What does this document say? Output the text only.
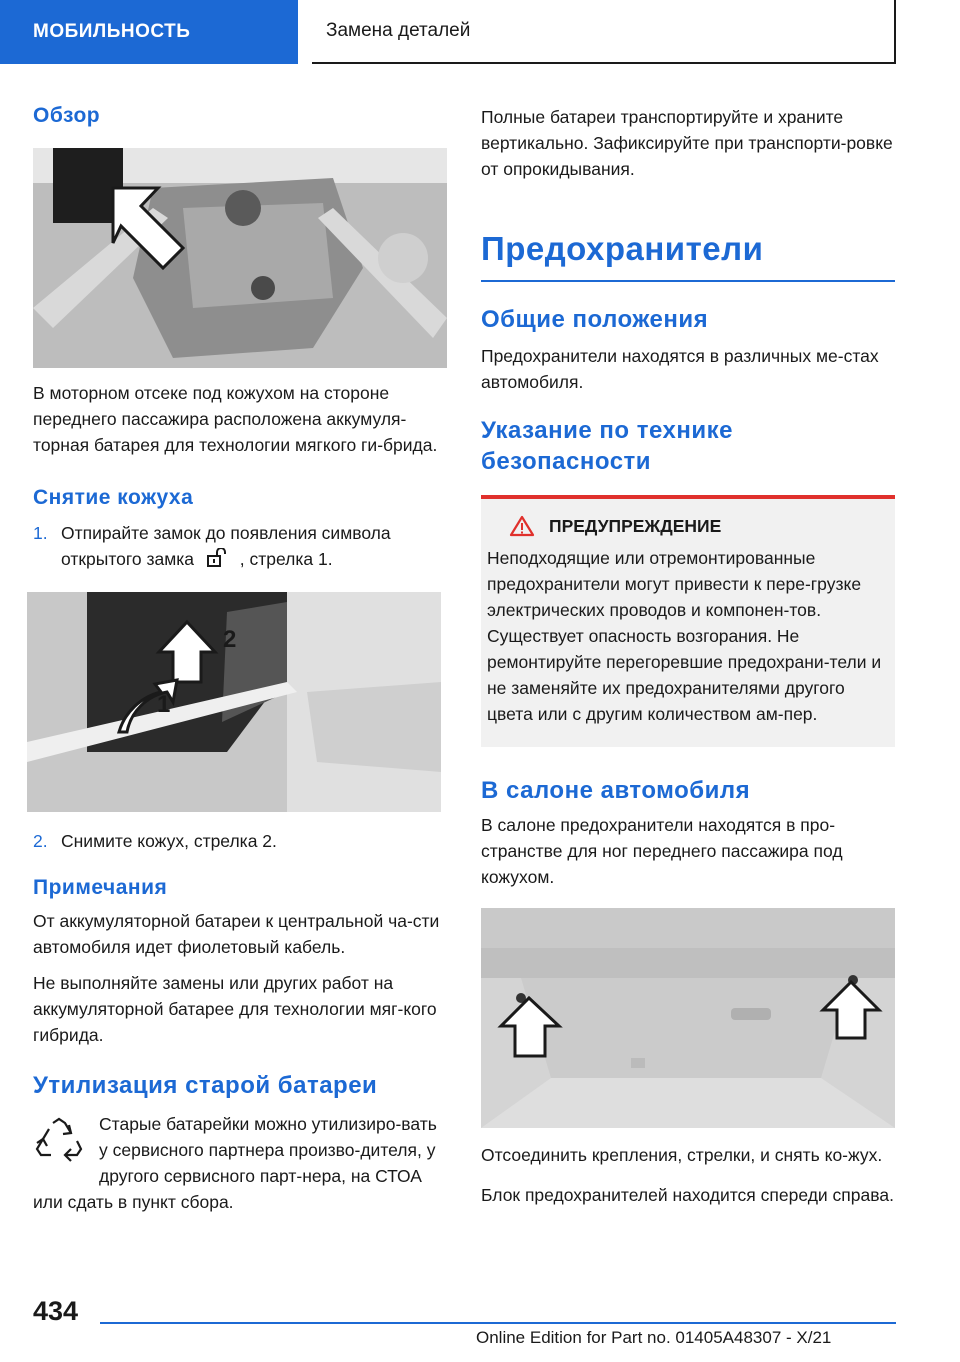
МОБИЛЬНОСТЬ	Замена деталей
Обзор

В моторном отсеке под кожухом на стороне переднего пассажира расположена аккумуля-торная батарея для технологии мягкого ги-брида.

Снятие кожуха
1. Отпирайте замок до появления символа открытого замка	, стрелка 1.
2
1
2. Снимите кожух, стрелка 2.
Примечания

От аккумуляторной батареи к центральной ча-сти автомобиля идет фиолетовый кабель.

Не выполняйте замены или других работ на аккумуляторной батарее для технологии мяг-кого гибрида.

Утилизация старой батареи

Старые батарейки можно утилизиро-вать у сервисного партнера произво-дителя, у другого сервисного парт-нера, на СТОА или сдать в пункт сбора.

Полные батареи транспортируйте и храните вертикально. Зафиксируйте при транспорти-ровке от опрокидывания.

Предохранители
Общие положения

Предохранители находятся в различных ме-стах автомобиля.

Указание по технике безопасности
ПРЕДУПРЕЖДЕНИЕ

Неподходящие или отремонтированные предохранители могут привести к пере-грузке электрических проводов и компонен-тов. Существует опасность возгорания. Не ремонтируйте перегоревшие предохрани-тели и не заменяйте их предохранителями другого цвета или с другим количеством ам-пер.

В салоне автомобиля

В салоне предохранители находятся в про-странстве для ног переднего пассажира под кожухом.

Отсоединить крепления, стрелки, и снять ко-жух.

Блок предохранителей находится спереди справа.

434
Online Edition for Part no. 01405A48307 - X/21
